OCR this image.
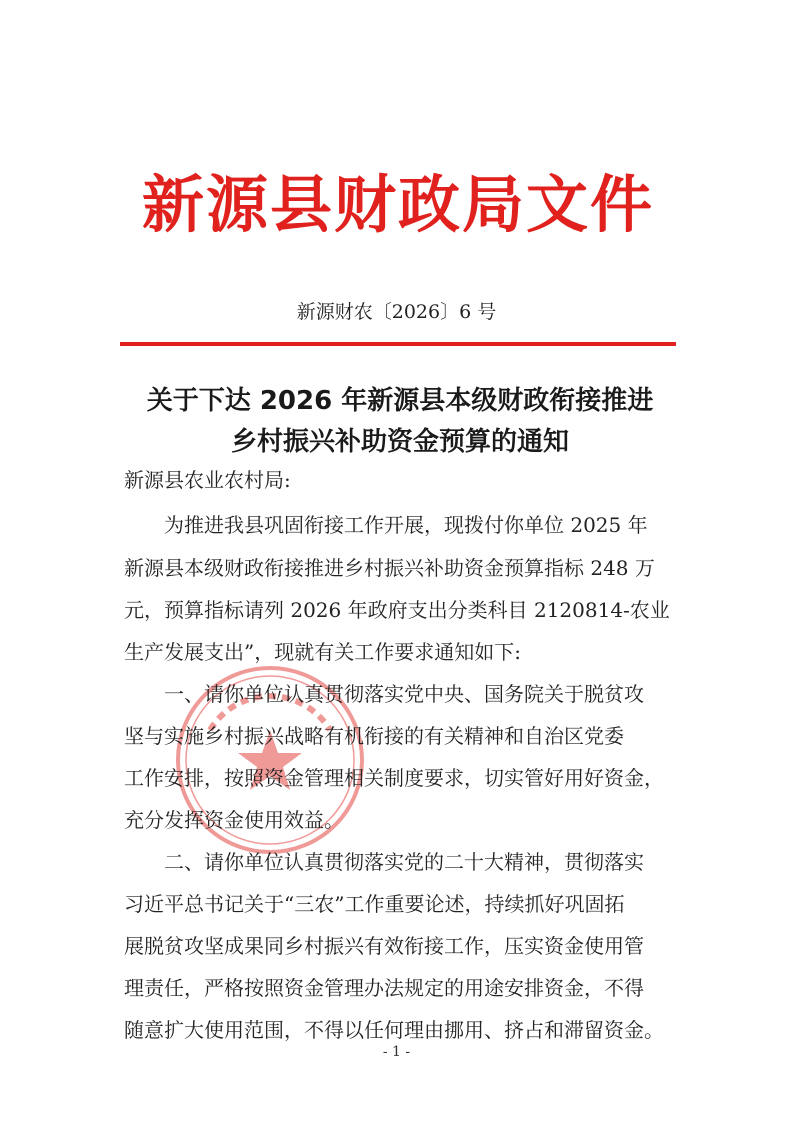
新源县财政局文件
新源财农〔2026〕6 号
关于下达 2026 年新源县本级财政衔接推进
乡村振兴补助资金预算的通知
新源县农业农村局:
为推进我县巩固衔接工作开展，现拨付你单位 2025 年
新源县本级财政衔接推进乡村振兴补助资金预算指标 248 万
元，预算指标请列 2026 年政府支出分类科目 2120814-农业
生产发展支出”，现就有关工作要求通知如下:
一、请你单位认真贯彻落实党中央、国务院关于脱贫攻
坚与实施乡村振兴战略有机衔接的有关精神和自治区党委
工作安排，按照资金管理相关制度要求，切实管好用好资金，
充分发挥资金使用效益。
二、请你单位认真贯彻落实党的二十大精神，贯彻落实
习近平总书记关于“三农”工作重要论述，持续抓好巩固拓
展脱贫攻坚成果同乡村振兴有效衔接工作，压实资金使用管
理责任，严格按照资金管理办法规定的用途安排资金，不得
随意扩大使用范围，不得以任何理由挪用、挤占和滞留资金。
- 1 -
